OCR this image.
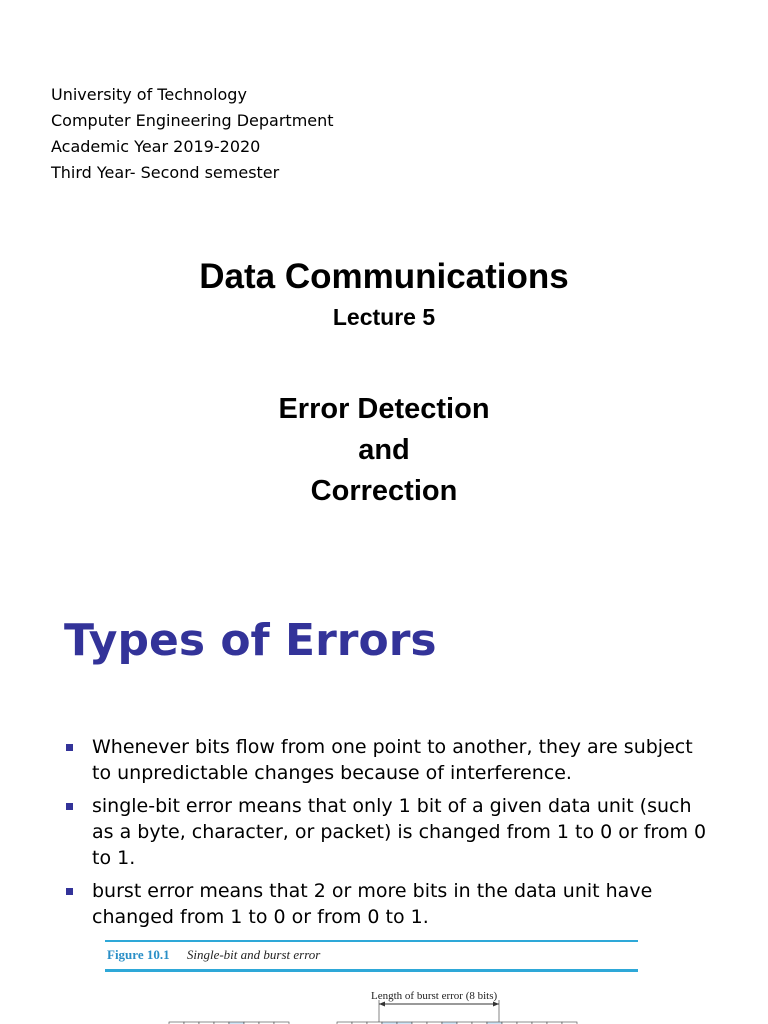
University of Technology
Computer Engineering Department
Academic Year 2019-2020
Third Year- Second semester
Data Communications
Lecture 5
Error Detection
and
Correction
Types of Errors
Whenever bits flow from one point to another, they are subject to unpredictable changes because of interference.
single-bit error means that only 1 bit of a given data unit (such as a byte, character, or packet) is changed from 1 to 0 or from 0 to 1.
burst error means that 2 or more bits in the data unit have changed from 1 to 0 or from 0 to 1.
Figure 10.1 Single-bit and burst error
Length of burst error (8 bits)
